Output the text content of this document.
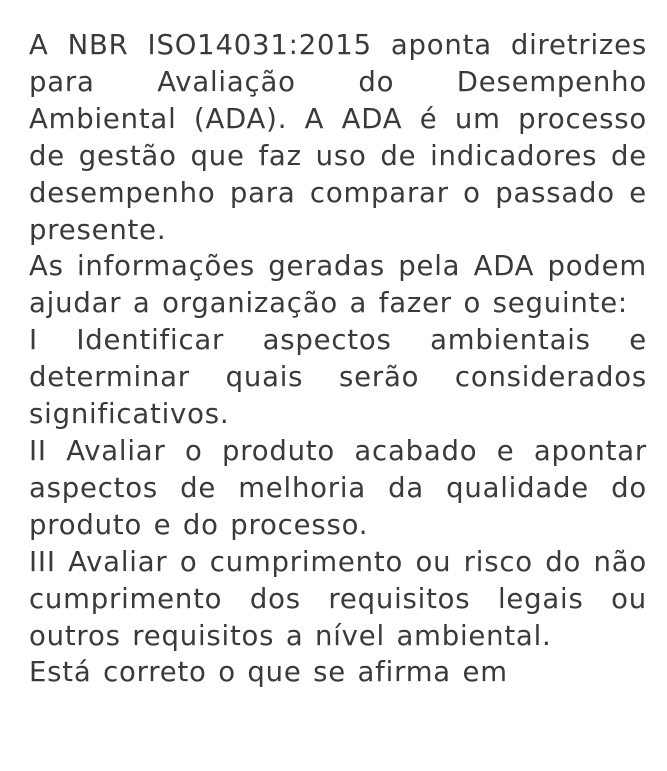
A NBR ISO14031:2015 aponta diretrizes para Avaliação do Desempenho Ambiental (ADA). A ADA é um processo de gestão que faz uso de indicadores de desempenho para comparar o passado e presente.

As informações geradas pela ADA podem ajudar a organização a fazer o seguinte:

I Identificar aspectos ambientais e determinar quais serão considerados significativos.

II Avaliar o produto acabado e apontar aspectos de melhoria da qualidade do produto e do processo.

III Avaliar o cumprimento ou risco do não cumprimento dos requisitos legais ou outros requisitos a nível ambiental.

Está correto o que se afirma em
